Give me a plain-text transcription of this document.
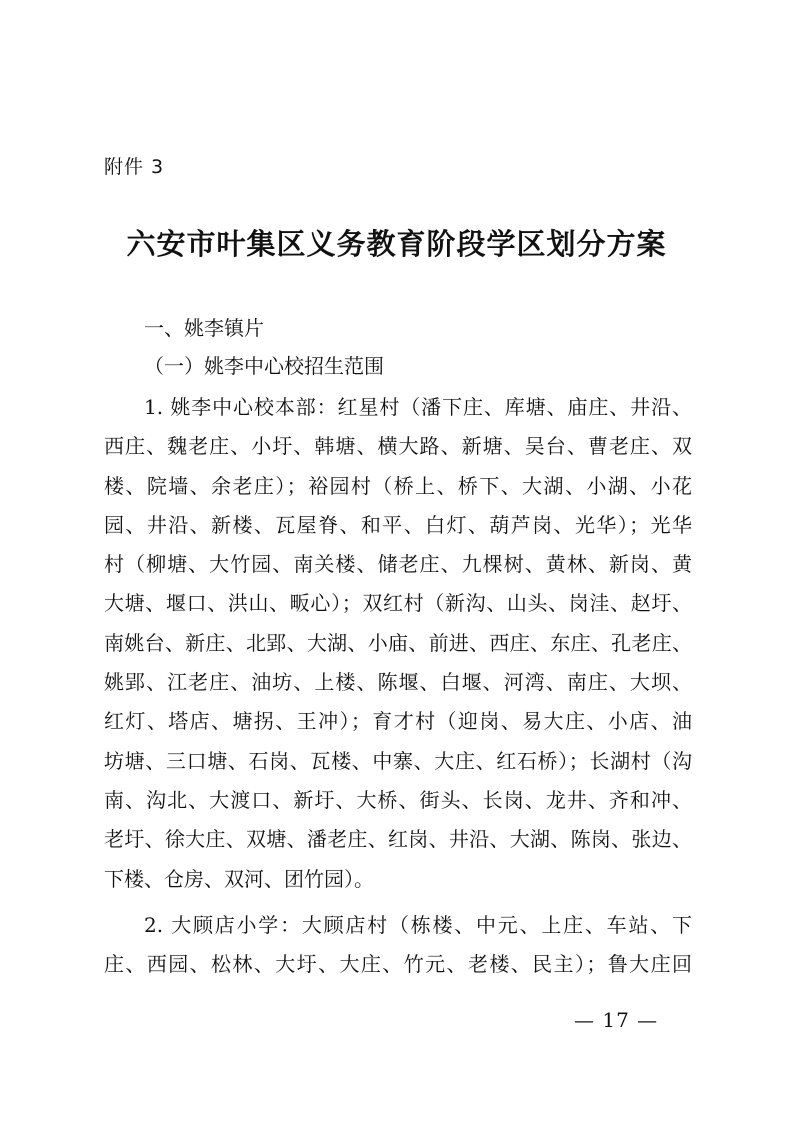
附件 3
六安市叶集区义务教育阶段学区划分方案
一、姚李镇片
（一）姚李中心校招生范围
1. 姚李中心校本部：红星村（潘下庄、库塘、庙庄、井沿、
西庄、魏老庄、小圩、韩塘、横大路、新塘、吴台、曹老庄、双
楼、院墙、余老庄）；裕园村（桥上、桥下、大湖、小湖、小花
园、井沿、新楼、瓦屋脊、和平、白灯、葫芦岗、光华）；光华
村（柳塘、大竹园、南关楼、储老庄、九棵树、黄林、新岗、黄
大塘、堰口、洪山、畈心）；双红村（新沟、山头、岗洼、赵圩、
南姚台、新庄、北郢、大湖、小庙、前进、西庄、东庄、孔老庄、
姚郢、江老庄、油坊、上楼、陈堰、白堰、河湾、南庄、大坝、
红灯、塔店、塘拐、王冲）；育才村（迎岗、易大庄、小店、油
坊塘、三口塘、石岗、瓦楼、中寨、大庄、红石桥）；长湖村（沟
南、沟北、大渡口、新圩、大桥、街头、长岗、龙井、齐和冲、
老圩、徐大庄、双塘、潘老庄、红岗、井沿、大湖、陈岗、张边、
下楼、仓房、双河、团竹园）。
2. 大顾店小学：大顾店村（栋楼、中元、上庄、车站、下
庄、西园、松林、大圩、大庄、竹元、老楼、民主）；鲁大庄回
— 17 —
